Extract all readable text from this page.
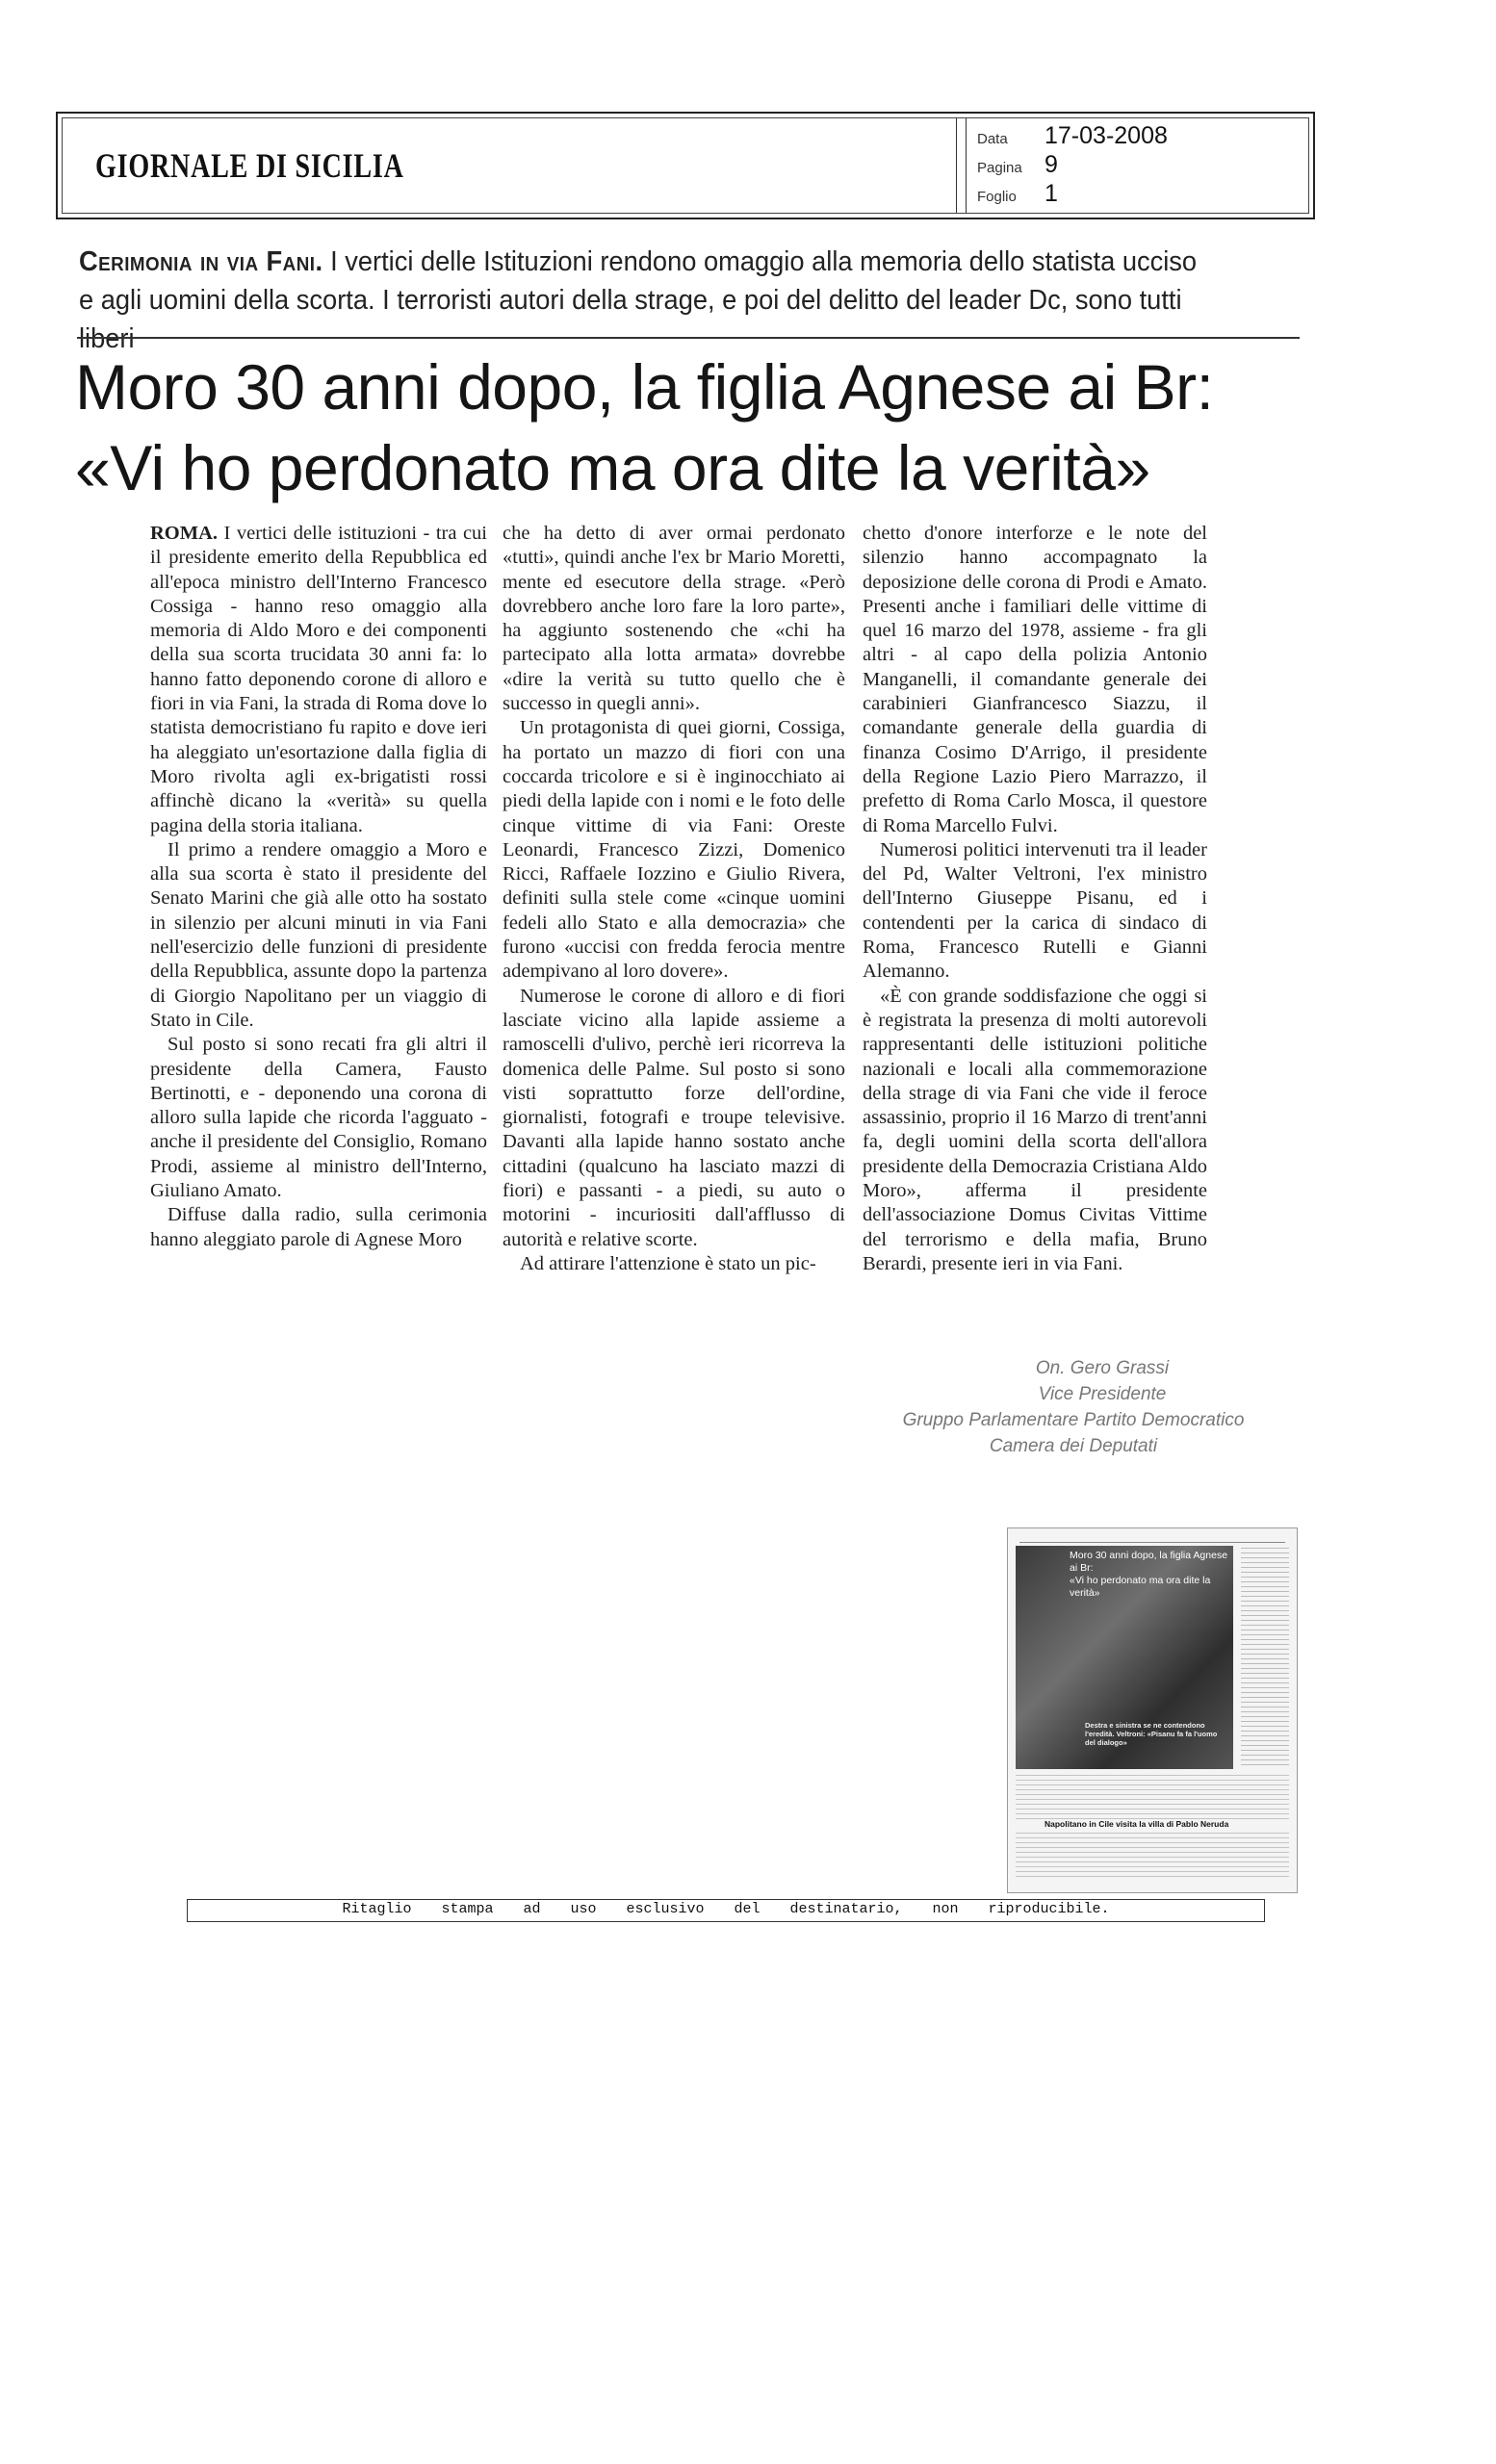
GIORNALE DI SICILIA
Data	17-03-2008
Pagina 9
Foglio	1
Cerimonia in via Fani. I vertici delle Istituzioni rendono omaggio alla memoria dello statista ucciso
e agli uomini della scorta. I terroristi autori della strage, e poi del delitto del leader Dc, sono tutti liberi
Moro 30 anni dopo, la figlia Agnese ai Br:
«Vi ho perdonato ma ora dite la verità»

ROMA. I vertici delle istituzioni - tra cui il presidente emerito della Repubblica ed all'epoca ministro dell'Interno Francesco Cossiga - hanno reso omaggio alla memoria di Aldo Moro e dei componenti della sua scorta trucidata 30 anni fa: lo hanno fatto deponendo corone di alloro e fiori in via Fani, la strada di Roma dove lo statista democristiano fu rapito e dove ieri ha aleggiato un'esortazione dalla figlia di Moro rivolta agli ex-brigatisti rossi affinchè dicano la «verità» su quella pagina della storia italiana.

Il primo a rendere omaggio a Moro e alla sua scorta è stato il presidente del Senato Marini che già alle otto ha sostato in silenzio per alcuni minuti in via Fani nell'esercizio delle funzioni di presidente della Repubblica, assunte dopo la partenza di Giorgio Napolitano per un viaggio di Stato in Cile.

Sul posto si sono recati fra gli altri il presidente della Camera, Fausto Bertinotti, e - deponendo una corona di alloro sulla lapide che ricorda l'agguato - anche il presidente del Consiglio, Romano Prodi, assieme al ministro dell'Interno, Giuliano Amato.

Diffuse dalla radio, sulla cerimonia hanno aleggiato parole di Agnese Moro

che ha detto di aver ormai perdonato «tutti», quindi anche l'ex br Mario Moretti, mente ed esecutore della strage. «Però dovrebbero anche loro fare la loro parte», ha aggiunto sostenendo che «chi ha partecipato alla lotta armata» dovrebbe «dire la verità su tutto quello che è successo in quegli anni».

Un protagonista di quei giorni, Cossiga, ha portato un mazzo di fiori con una coccarda tricolore e si è inginocchiato ai piedi della lapide con i nomi e le foto delle cinque vittime di via Fani: Oreste Leonardi, Francesco Zizzi, Domenico Ricci, Raffaele Iozzino e Giulio Rivera, definiti sulla stele come «cinque uomini fedeli allo Stato e alla democrazia» che furono «uccisi con fredda ferocia mentre adempivano al loro dovere».

Numerose le corone di alloro e di fiori lasciate vicino alla lapide assieme a ramoscelli d'ulivo, perchè ieri ricorreva la domenica delle Palme. Sul posto si sono visti soprattutto forze dell'ordine, giornalisti, fotografi e troupe televisive. Davanti alla lapide hanno sostato anche cittadini (qualcuno ha lasciato mazzi di fiori) e passanti - a piedi, su auto o motorini - incuriositi dall'afflusso di autorità e relative scorte.

Ad attirare l'attenzione è stato un pic-

chetto d'onore interforze e le note del silenzio hanno accompagnato la deposizione delle corona di Prodi e Amato. Presenti anche i familiari delle vittime di quel 16 marzo del 1978, assieme - fra gli altri - al capo della polizia Antonio Manganelli, il comandante generale dei carabinieri Gianfrancesco Siazzu, il comandante generale della guardia di finanza Cosimo D'Arrigo, il presidente della Regione Lazio Piero Marrazzo, il prefetto di Roma Carlo Mosca, il questore di Roma Marcello Fulvi.

Numerosi politici intervenuti tra il leader del Pd, Walter Veltroni, l'ex ministro dell'Interno Giuseppe Pisanu, ed i contendenti per la carica di sindaco di Roma, Francesco Rutelli e Gianni Alemanno.

«È con grande soddisfazione che oggi si è registrata la presenza di molti autorevoli rappresentanti delle istituzioni politiche nazionali e locali alla commemorazione della strage di via Fani che vide il feroce assassinio, proprio il 16 Marzo di trent'anni fa, degli uomini della scorta dell'allora presidente della Democrazia Cristiana Aldo Moro», afferma il presidente dell'associazione Domus Civitas Vittime del terrorismo e della mafia, Bruno Berardi, presente ieri in via Fani.

On. Gero Grassi
Vice Presidente
Gruppo Parlamentare Partito Democratico
Camera dei Deputati
Moro 30 anni dopo, la figlia Agnese ai Br:
«Vi ho perdonato ma ora dite la verità»
Destra e sinistra se ne contendono l'eredità. Veltroni: «Pisanu fa fa l'uomo del dialogo»
Napolitano in Cile visita la villa di Pablo Neruda
Ritaglio stampa ad uso esclusivo del destinatario, non riproducibile.
